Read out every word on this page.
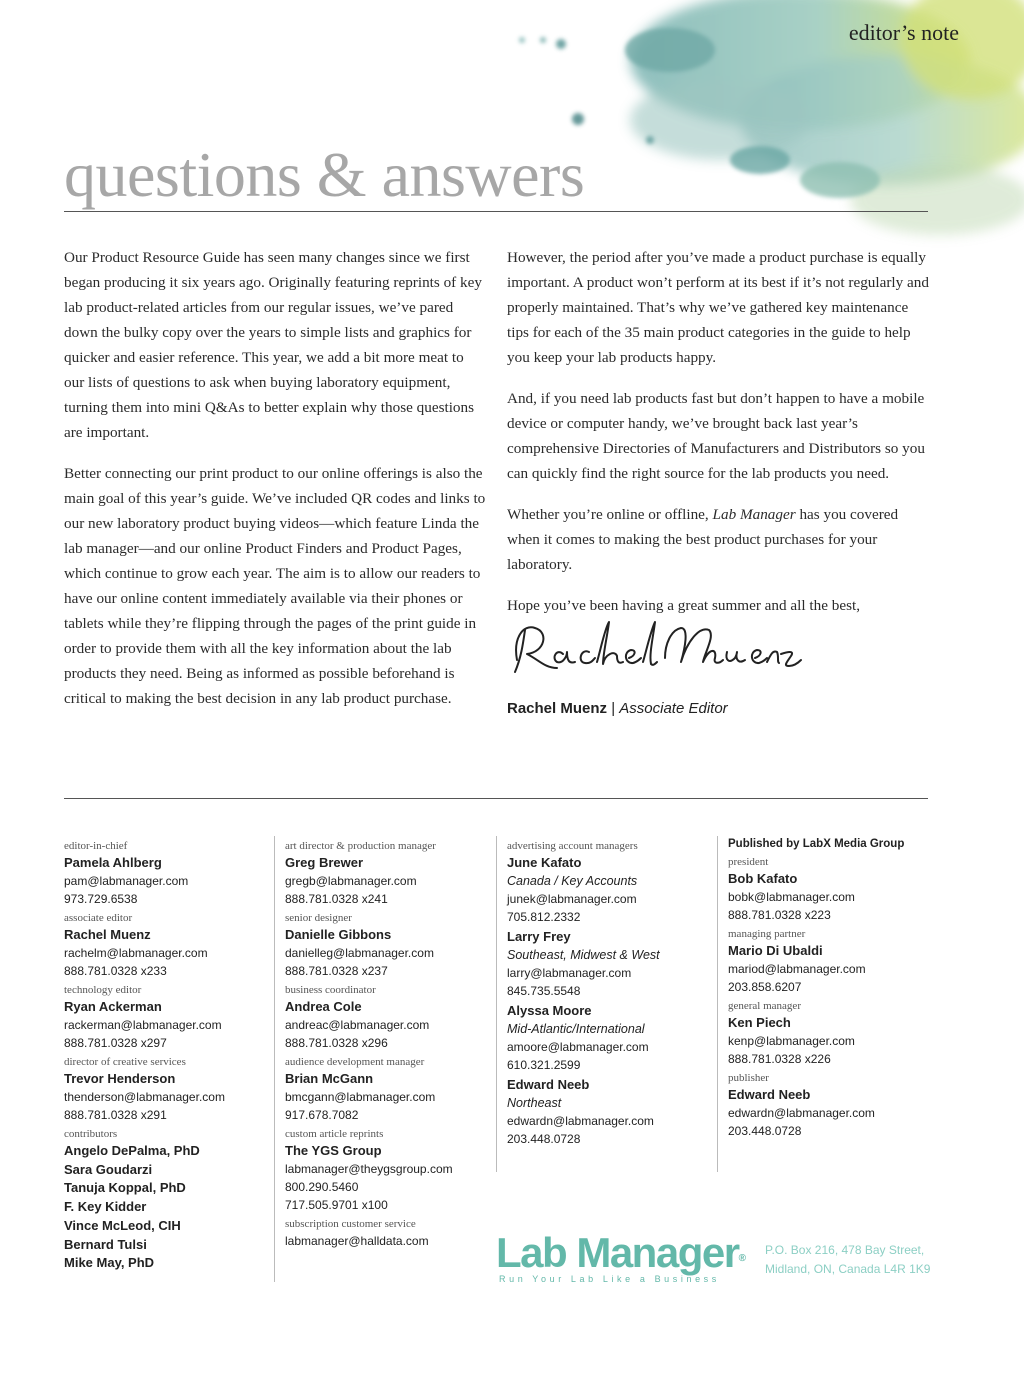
editor’s note
questions & answers

Our Product Resource Guide has seen many changes since we first began producing it six years ago. Originally featuring reprints of key lab product-related articles from our regular issues, we’ve pared down the bulky copy over the years to simple lists and graphics for quicker and easier reference. This year, we add a bit more meat to our lists of questions to ask when buying laboratory equipment, turning them into mini Q&As to better explain why those questions are important.

Better connecting our print product to our online offerings is also the main goal of this year’s guide. We’ve included QR codes and links to our new laboratory product buying videos—which feature Linda the lab manager—and our online Product Finders and Product Pages, which continue to grow each year. The aim is to allow our readers to have our online content immediately available via their phones or tablets while they’re flipping through the pages of the print guide in order to provide them with all the key information about the lab products they need. Being as informed as possible beforehand is critical to making the best decision in any lab product purchase.

However, the period after you’ve made a product purchase is equally important. A product won’t perform at its best if it’s not regularly and properly maintained. That’s why we’ve gathered key maintenance tips for each of the 35 main product categories in the guide to help you keep your lab products happy.

And, if you need lab products fast but don’t happen to have a mobile device or computer handy, we’ve brought back last year’s comprehensive Directories of Manufacturers and Distributors so you can quickly find the right source for the lab products you need.

Whether you’re online or offline, Lab Manager has you covered when it comes to making the best product purchases for your laboratory.

Hope you’ve been having a great summer and all the best,

Rachel Muenz | Associate Editor
editor-in-chief
Pamela Ahlberg
pam@labmanager.com
973.729.6538
associate editor
Rachel Muenz
rachelm@labmanager.com
888.781.0328 x233
technology editor
Ryan Ackerman
rackerman@labmanager.com
888.781.0328 x297
director of creative services
Trevor Henderson
thenderson@labmanager.com
888.781.0328 x291
contributors
Angelo DePalma, PhD
Sara Goudarzi
Tanuja Koppal, PhD
F. Key Kidder
Vince McLeod, CIH
Bernard Tulsi
Mike May, PhD
art director & production manager
Greg Brewer
gregb@labmanager.com
888.781.0328 x241
senior designer
Danielle Gibbons
danielleg@labmanager.com
888.781.0328 x237
business coordinator
Andrea Cole
andreac@labmanager.com
888.781.0328 x296
audience development manager
Brian McGann
bmcgann@labmanager.com
917.678.7082
custom article reprints
The YGS Group
labmanager@theygsgroup.com
800.290.5460
717.505.9701 x100
subscription customer service
labmanager@halldata.com
advertising account managers
June Kafato
Canada / Key Accounts
junek@labmanager.com
705.812.2332
Larry Frey
Southeast, Midwest & West
larry@labmanager.com
845.735.5548
Alyssa Moore
Mid-Atlantic/International
amoore@labmanager.com
610.321.2599
Edward Neeb
Northeast
edwardn@labmanager.com
203.448.0728
Published by LabX Media Group
president
Bob Kafato
bobk@labmanager.com
888.781.0328 x223
managing partner
Mario Di Ubaldi
mariod@labmanager.com
203.858.6207
general manager
Ken Piech
kenp@labmanager.com
888.781.0328 x226
publisher
Edward Neeb
edwardn@labmanager.com
203.448.0728
Lab Manager®
Run Your Lab Like a Business
P.O. Box 216, 478 Bay Street,
Midland, ON, Canada L4R 1K9
